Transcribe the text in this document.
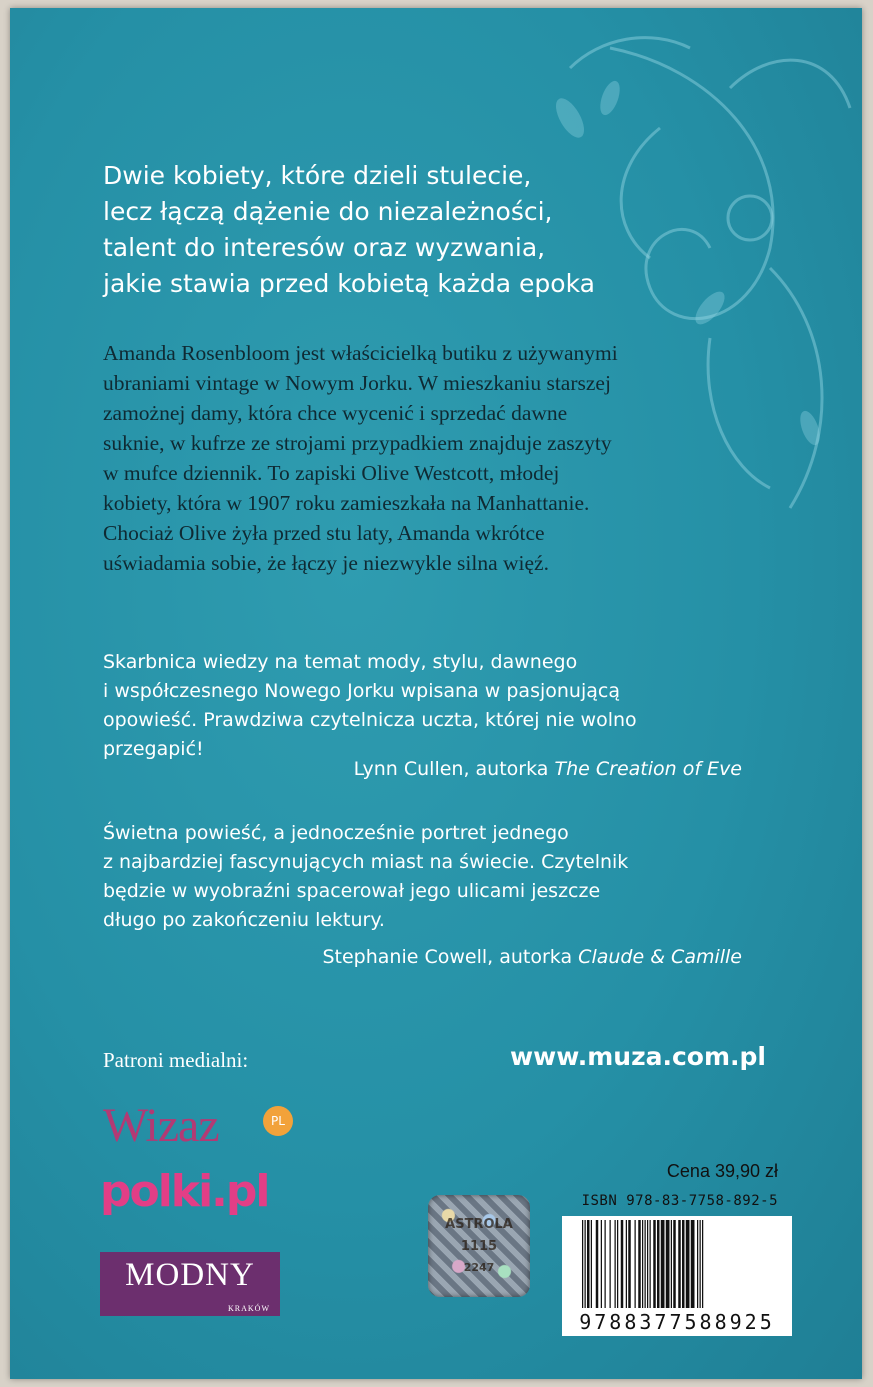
Dwie kobiety, które dzieli stulecie,
lecz łączą dążenie do niezależności,
talent do interesów oraz wyzwania,
jakie stawia przed kobietą każda epoka

Amanda Rosenbloom jest właścicielką butiku z używanymi
ubraniami vintage w Nowym Jorku. W mieszkaniu starszej
zamożnej damy, która chce wycenić i sprzedać dawne
suknie, w kufrze ze strojami przypadkiem znajduje zaszyty
w mufce dziennik. To zapiski Olive Westcott, młodej
kobiety, która w 1907 roku zamieszkała na Manhattanie.
Chociaż Olive żyła przed stu laty, Amanda wkrótce
uświadamia sobie, że łączy je niezwykle silna więź.

Skarbnica wiedzy na temat mody, stylu, dawnego
i współczesnego Nowego Jorku wpisana w pasjonującą
opowieść. Prawdziwa czytelnicza uczta, której nie wolno
przegapić!

Lynn Cullen, autorka The Creation of Eve

Świetna powieść, a jednocześnie portret jednego
z najbardziej fascynujących miast na świecie. Czytelnik
będzie w wyobraźni spacerował jego ulicami jeszcze
długo po zakończeniu lektury.

Stephanie Cowell, autorka Claude & Camille
Patroni medialni:	www.muza.com.pl
Wizaz	PL
polki.pl
MODNY
KRAKÓW
ASTROLA
1115
2247
Cena 39,90 zł
ISBN 978-83-7758-892-5
9788377588925
